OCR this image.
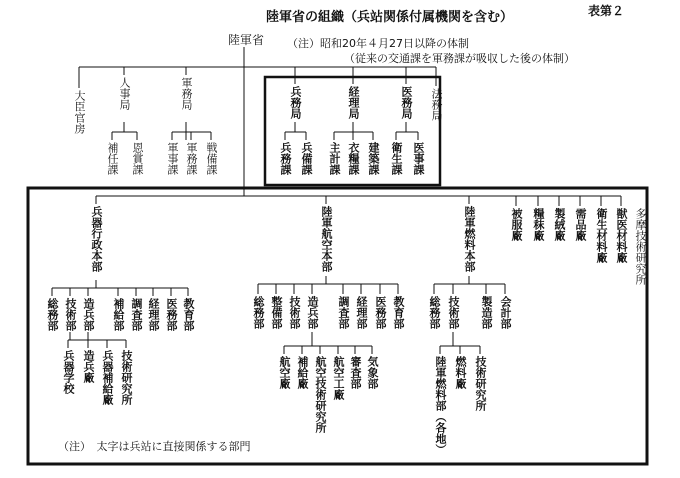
陸軍省の組織（兵站関係付属機関を含む）	表第２
（注）昭和20年４月27日以降の体制
（従来の交通課を軍務課が吸収した後の体制）
陸軍省
大臣官房	人事局
補任課 恩賞課
軍務局
軍事課 軍務課 戦備課
兵務局
兵務課 兵備課
経理局
主計課 衣糧課 建築課
医務局
衛生課 医事課
法務局
兵器行政本部
総務部 技術部 造兵部 補給部 調査部 経理部 医務部 教育部
兵器学校 造兵廠 兵器補給廠 技術研究所
陸軍航空本部
総務部 整備部 技術部 造兵部 調査部 経理部 医務部 教育部
航空廠 補給廠 航空技術研究所 航空工廠 審査部 気象部
陸軍燃料本部
総務部 技術部 製造部 会計部
陸軍燃料部（各地） 燃料廠 技術研究所
被服廠 糧秣廠 製絨廠 需品廠 衛生材料廠 獣医材料廠 多摩技術研究所
（注）　太字は兵站に直接関係する部門
